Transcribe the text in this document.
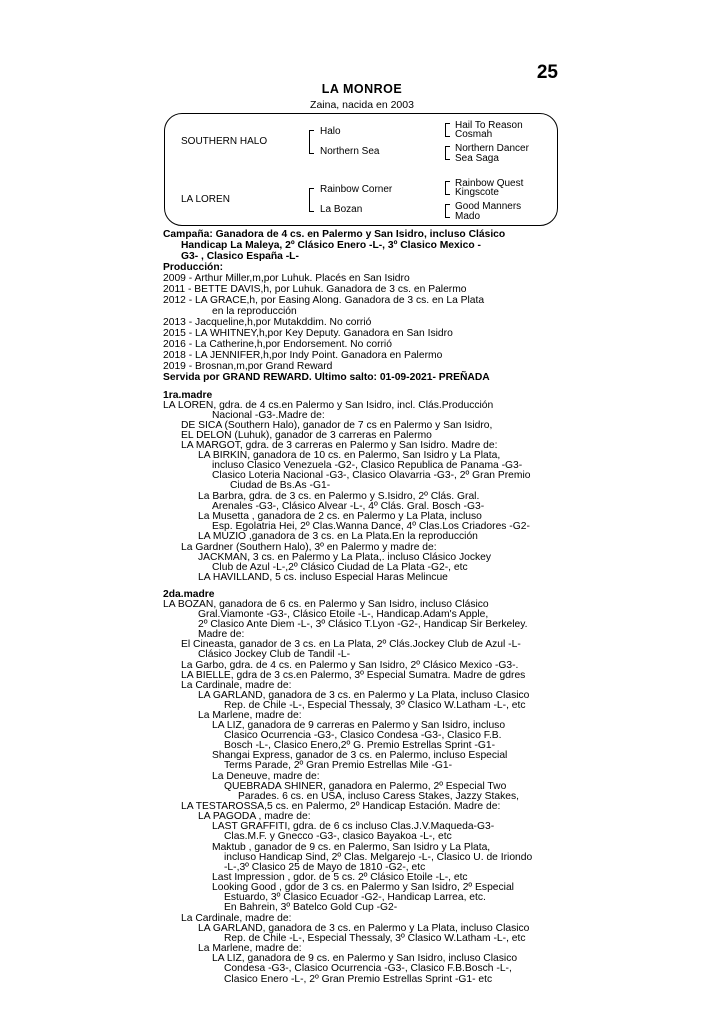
25
LA MONROE
Zaina, nacida en 2003
SOUTHERN HALO
LA LOREN
Halo
Northern Sea
Rainbow Corner
La Bozan
Hail To Reason
Cosmah
Northern Dancer
Sea Saga
Rainbow Quest
Kingscote
Good Manners
Mado
Campaña: Ganadora de 4 cs. en Palermo y San Isidro, incluso Clásico
Handicap La Maleya, 2º Clásico Enero -L-, 3º Clasico Mexico -
G3- , Clasico España -L-
Producción:
2009 - Arthur Miller,m,por Luhuk. Placés en San Isidro
2011 - BETTE DAVIS,h, por Luhuk. Ganadora de 3 cs. en Palermo
2012 - LA GRACE,h, por Easing Along. Ganadora de 3 cs. en La Plata
en la reproducción
2013 - Jacqueline,h,por Mutakddim. No corrió
2015 - LA WHITNEY,h,por Key Deputy. Ganadora en San Isidro
2016 - La Catherine,h,por Endorsement. No corrió
2018 - LA JENNIFER,h,por Indy Point. Ganadora en Palermo
2019 - Brosnan,m,por Grand Reward
Servida por GRAND REWARD. Ultimo salto: 01-09-2021- PREÑADA
1ra.madre
LA LOREN, gdra. de 4 cs.en Palermo y San Isidro, incl. Clás.Producción
Nacional -G3-.Madre de:
DE SICA (Southern Halo), ganador de 7 cs en Palermo y San Isidro,
EL DELON (Luhuk), ganador de 3 carreras en Palermo
LA MARGOT, gdra. de 3 carreras en Palermo y San Isidro. Madre de:
LA BIRKIN, ganadora de 10 cs. en Palermo, San Isidro y La Plata,
incluso Clasico Venezuela -G2-, Clasico Republica de Panama -G3-
Clasico Loteria Nacional -G3-, Clasico Olavarria -G3-, 2º Gran Premio
Ciudad de Bs.As -G1-
La Barbra, gdra. de 3 cs. en Palermo y S.Isidro, 2º Clás. Gral.
Arenales -G3-, Clásico Alvear -L-, 4º Clás. Gral. Bosch -G3-
La Musetta , ganadora de 2 cs. en Palermo y La Plata, incluso
Esp. Egolatria Hei, 2º Clas.Wanna Dance, 4º Clas.Los Criadores -G2-
LA MUZIO ,ganadora de 3 cs. en La Plata.En la reproducción
La Gardner (Southern Halo), 3º en Palermo y madre de:
JACKMAN, 3 cs. en Palermo y La Plata,. incluso Clásico Jockey
Club de Azul -L-,2º Clásico Ciudad de La Plata -G2-, etc
LA HAVILLAND, 5 cs. incluso Especial Haras Melincue
2da.madre
LA BOZAN, ganadora de 6 cs. en Palermo y San Isidro, incluso Clásico
Gral.Viamonte -G3-, Clásico Etoile -L-, Handicap.Adam's Apple,
2º Clasico Ante Diem -L-, 3º Clásico T.Lyon -G2-, Handicap Sir Berkeley.
Madre de:
El Cineasta, ganador de 3 cs. en La Plata, 2º Clás.Jockey Club de Azul -L-
Clásico Jockey Club de Tandil -L-
La Garbo, gdra. de 4 cs. en Palermo y San Isidro, 2º Clásico Mexico -G3-.
LA BIELLE, gdra de 3 cs.en Palermo, 3º Especial Sumatra. Madre de gdres
La Cardinale, madre de:
LA GARLAND, ganadora de 3 cs. en Palermo y La Plata, incluso Clasico
Rep. de Chile -L-, Especial Thessaly, 3º Clasico W.Latham -L-, etc
La Marlene, madre de:
LA LIZ, ganadora de 9 carreras en Palermo y San Isidro, incluso
Clasico Ocurrencia -G3-, Clasico Condesa -G3-, Clasico F.B.
Bosch -L-, Clasico Enero,2º G. Premio Estrellas Sprint -G1-
Shangai Express, ganador de 3 cs. en Palermo, incluso Especial
Terms Parade, 2º Gran Premio Estrellas Mile -G1-
La Deneuve, madre de:
QUEBRADA SHINER, ganadora en Palermo, 2º Especial Two
Parades. 6 cs. en USA, incluso Caress Stakes, Jazzy Stakes,
LA TESTAROSSA,5 cs. en Palermo, 2º Handicap Estación. Madre de:
LA PAGODA , madre de:
LAST GRAFFITI, gdra. de 6 cs incluso Clas.J.V.Maqueda-G3-
Clas.M.F. y Gnecco -G3-, clasico Bayakoa -L-, etc
Maktub , ganador de 9 cs. en Palermo, San Isidro y La Plata,
incluso Handicap Sind, 2º Clas. Melgarejo -L-, Clasico U. de Iriondo
-L-,3º Clasico 25 de Mayo de 1810 -G2-, etc
Last Impression , gdor. de 5 cs. 2º Clásico Etoile -L-, etc
Looking Good , gdor de 3 cs. en Palermo y San Isidro, 2º Especial
Estuardo, 3º Clasico Ecuador -G2-, Handicap Larrea, etc.
En Bahrein, 3º Batelco Gold Cup -G2-
La Cardinale, madre de:
LA GARLAND, ganadora de 3 cs. en Palermo y La Plata, incluso Clasico
Rep. de Chile -L-, Especial Thessaly, 3º Clasico W.Latham -L-, etc
La Marlene, madre de:
LA LIZ, ganadora de 9 cs. en Palermo y San Isidro, incluso Clasico
Condesa -G3-, Clasico Ocurrencia -G3-, Clasico F.B.Bosch -L-,
Clasico Enero -L-, 2º Gran Premio Estrellas Sprint -G1- etc
